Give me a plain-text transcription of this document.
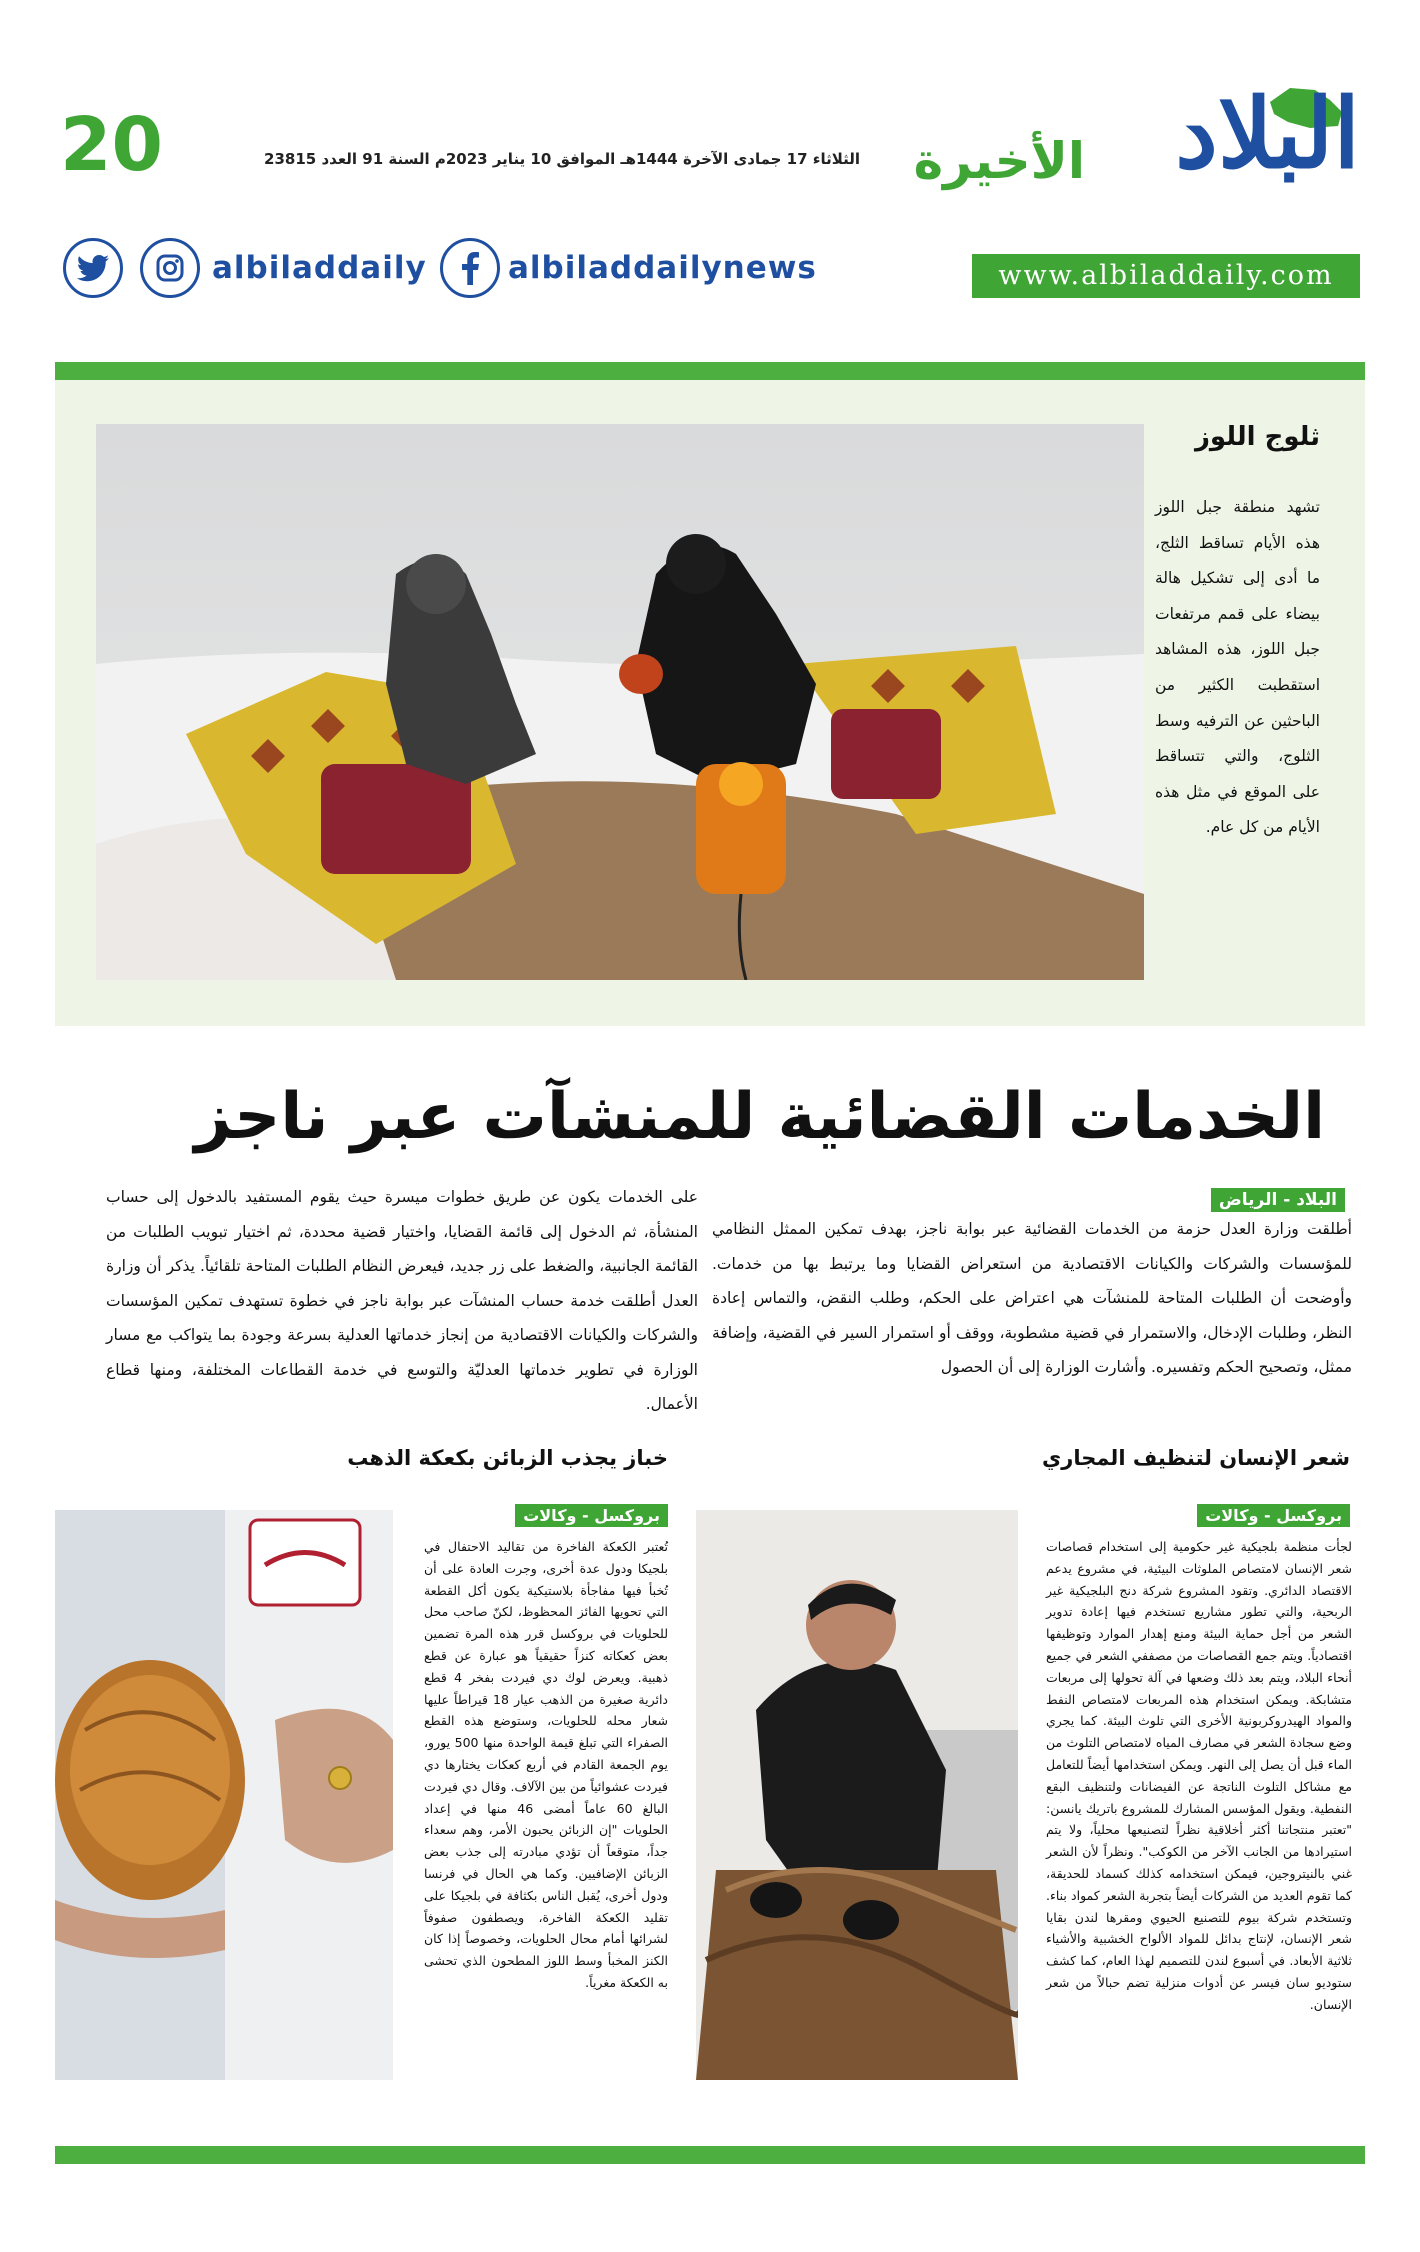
20	الثلاثاء 17 جمادى الآخرة 1444هـ الموافق 10 يناير 2023م السنة 91 العدد 23815	البلاد
الأخيرة
www.albiladdaily.com
albiladdaily	albiladdailynews
ثلوج اللوز
تشهد منطقة جبل اللوز هذه الأيام تساقط الثلج، ما أدى إلى تشكيل هالة بيضاء على قمم مرتفعات جبل اللوز، هذه المشاهد استقطبت الكثير من الباحثين عن الترفيه وسط الثلوج، والتي تتساقط على الموقع في مثل هذه الأيام من كل عام.
الخدمات القضائية للمنشآت عبر ناجز
البلاد - الرياض
أطلقت وزارة العدل حزمة من الخدمات القضائية عبر بوابة ناجز، بهدف تمكين الممثل النظامي للمؤسسات والشركات والكيانات الاقتصادية من استعراض القضايا وما يرتبط بها من خدمات. وأوضحت أن الطلبات المتاحة للمنشآت هي اعتراض على الحكم، وطلب النقض، والتماس إعادة النظر، وطلبات الإدخال، والاستمرار في قضية مشطوبة، ووقف أو استمرار السير في القضية، وإضافة ممثل، وتصحيح الحكم وتفسيره. وأشارت الوزارة إلى أن الحصول
على الخدمات يكون عن طريق خطوات ميسرة حيث يقوم المستفيد بالدخول إلى حساب المنشأة، ثم الدخول إلى قائمة القضايا، واختيار قضية محددة، ثم اختيار تبويب الطلبات من القائمة الجانبية، والضغط على زر جديد، فيعرض النظام الطلبات المتاحة تلقائياً. يذكر أن وزارة العدل أطلقت خدمة حساب المنشآت عبر بوابة ناجز في خطوة تستهدف تمكين المؤسسات والشركات والكيانات الاقتصادية من إنجاز خدماتها العدلية بسرعة وجودة بما يتواكب مع مسار الوزارة في تطوير خدماتها العدليّة والتوسع في خدمة القطاعات المختلفة، ومنها قطاع الأعمال.
شعر الإنسان لتنظيف المجاري
بروكسل - وكالات
لجأت منظمة بلجيكية غير حكومية إلى استخدام قصاصات شعر الإنسان لامتصاص الملوثات البيئية، في مشروع يدعم الاقتصاد الدائري. وتقود المشروع شركة دنج البلجيكية غير الربحية، والتي تطور مشاريع تستخدم فيها إعادة تدوير الشعر من أجل حماية البيئة ومنع إهدار الموارد وتوظيفها اقتصادياً. ويتم جمع القصاصات من مصففي الشعر في جميع أنحاء البلاد، ويتم بعد ذلك وضعها في آلة تحولها إلى مربعات متشابكة. ويمكن استخدام هذه المربعات لامتصاص النفط والمواد الهيدروكربونية الأخرى التي تلوث البيئة. كما يجري وضع سجادة الشعر في مصارف المياه لامتصاص التلوث من الماء قبل أن يصل إلى النهر. ويمكن استخدامها أيضاً للتعامل مع مشاكل التلوث الناتجة عن الفيضانات ولتنظيف البقع النفطية. ويقول المؤسس المشارك للمشروع باتريك يانسن: "تعتبر منتجاتنا أكثر أخلاقية نظراً لتصنيعها محلياً، ولا يتم استيرادها من الجانب الآخر من الكوكب". ونظراً لأن الشعر غني بالنيتروجين، فيمكن استخدامه كذلك كسماد للحديقة، كما تقوم العديد من الشركات أيضاً بتجربة الشعر كمواد بناء. وتستخدم شركة بيوم للتصنيع الحيوي ومقرها لندن بقايا شعر الإنسان، لإنتاج بدائل للمواد الألواح الخشبية والأشياء ثلاثية الأبعاد. في أسبوع لندن للتصميم لهذا العام، كما كشف ستوديو سان فيسر عن أدوات منزلية تضم حبالاً من شعر الإنسان.
خباز يجذب الزبائن بكعكة الذهب
بروكسل - وكالات
تُعتبر الكعكة الفاخرة من تقاليد الاحتفال في بلجيكا ودول عدة أخرى، وجرت العادة على أن تُخبأ فيها مفاجأة بلاستيكية يكون أكل القطعة التي تحويها الفائز المحظوظ، لكنّ صاحب محل للحلويات في بروكسل قرر هذه المرة تضمين بعض كعكاته كنزاً حقيقياً هو عبارة عن قطع ذهبية. ويعرض لوك دي فيردت بفخر 4 قطع دائرية صغيرة من الذهب عيار 18 قيراطاً عليها شعار محله للحلويات، وستوضع هذه القطع الصفراء التي تبلغ قيمة الواحدة منها 500 يورو، يوم الجمعة القادم في أربع كعكات يختارها دي فيردت عشوائياً من بين الآلاف. وقال دي فيردت البالغ 60 عاماً أمضى 46 منها في إعداد الحلويات "إن الزبائن يحبون الأمر، وهم سعداء جداً، متوقعاً أن تؤدي مبادرته إلى جذب بعض الزبائن الإضافيين. وكما هي الحال في فرنسا ودول أخرى، يُقبل الناس بكثافة في بلجيكا على تقليد الكعكة الفاخرة، ويصطفون صفوفاً لشرائها أمام محال الحلويات، وخصوصاً إذا كان الكنز المخبأ وسط اللوز المطحون الذي تحشى به الكعكة مغرياً.
